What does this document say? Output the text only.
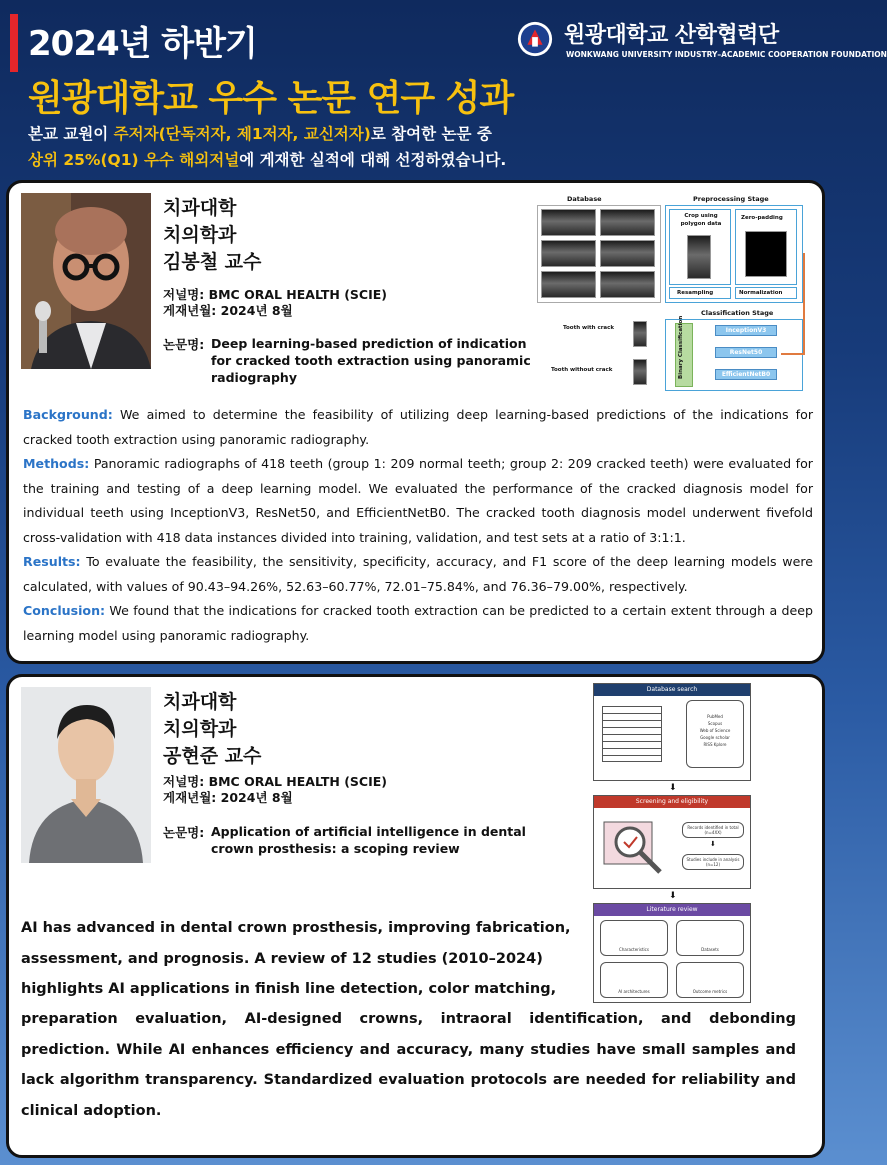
2024년 하반기
원광대학교 우수 논문 연구 성과
본교 교원이 주저자(단독저자, 제1저자, 교신저자)로 참여한 논문 중
상위 25%(Q1) 우수 해외저널에 게재한 실적에 대해 선정하였습니다.
원광대학교 산학협력단
WONKWANG UNIVERSITY INDUSTRY–ACADEMIC COOPERATION FOUNDATION
치과대학
치의학과
김봉철 교수
저널명: BMC ORAL HEALTH (SCIE)
게재년월: 2024년 8월
논문명: Deep learning-based prediction of indication for cracked tooth extraction using panoramic radiography
Database	Preprocessing Stage
Crop using polygon data
Zero-padding
Resampling	Normalization
Classification Stage
Tooth with crack
Tooth without crack	Binary Classification	InceptionV3
ResNet50
EfficientNetB0

Background: We aimed to determine the feasibility of utilizing deep learning-based predictions of the indications for cracked tooth extraction using panoramic radiography.

Methods: Panoramic radiographs of 418 teeth (group 1: 209 normal teeth; group 2: 209 cracked teeth) were evaluated for the training and testing of a deep learning model. We evaluated the performance of the cracked diagnosis model for individual teeth using InceptionV3, ResNet50, and EfficientNetB0. The cracked tooth diagnosis model underwent fivefold cross-validation with 418 data instances divided into training, validation, and test sets at a ratio of 3:1:1.

Results: To evaluate the feasibility, the sensitivity, specificity, accuracy, and F1 score of the deep learning models were calculated, with values of 90.43–94.26%, 52.63–60.77%, 72.01–75.84%, and 76.36–79.00%, respectively.

Conclusion: We found that the indications for cracked tooth extraction can be predicted to a certain extent through a deep learning model using panoramic radiography.

치과대학
치의학과
공현준 교수
저널명: BMC ORAL HEALTH (SCIE)
게재년월: 2024년 8월
논문명: Application of artificial intelligence in dental crown prosthesis: a scoping review
Database search
PubMed
Scopus
Web of Science
Google scholar
RISS Kplore
⬇
Screening and eligibility
Records identified in total (n=4XX)
⬇
Studies include in analysis (n=12)
⬇
Literature review
Characteristics	Datasets
AI architectures	Outcome metrics
AI has advanced in dental crown prosthesis, improving fabrication, assessment, and prognosis. A review of 12 studies (2010–2024) highlights AI applications in finish line detection, color matching,
preparation evaluation, AI-designed crowns, intraoral identification, and debonding prediction. While AI enhances efficiency and accuracy, many studies have small samples and lack algorithm transparency. Standardized evaluation protocols are needed for reliability and clinical adoption.
